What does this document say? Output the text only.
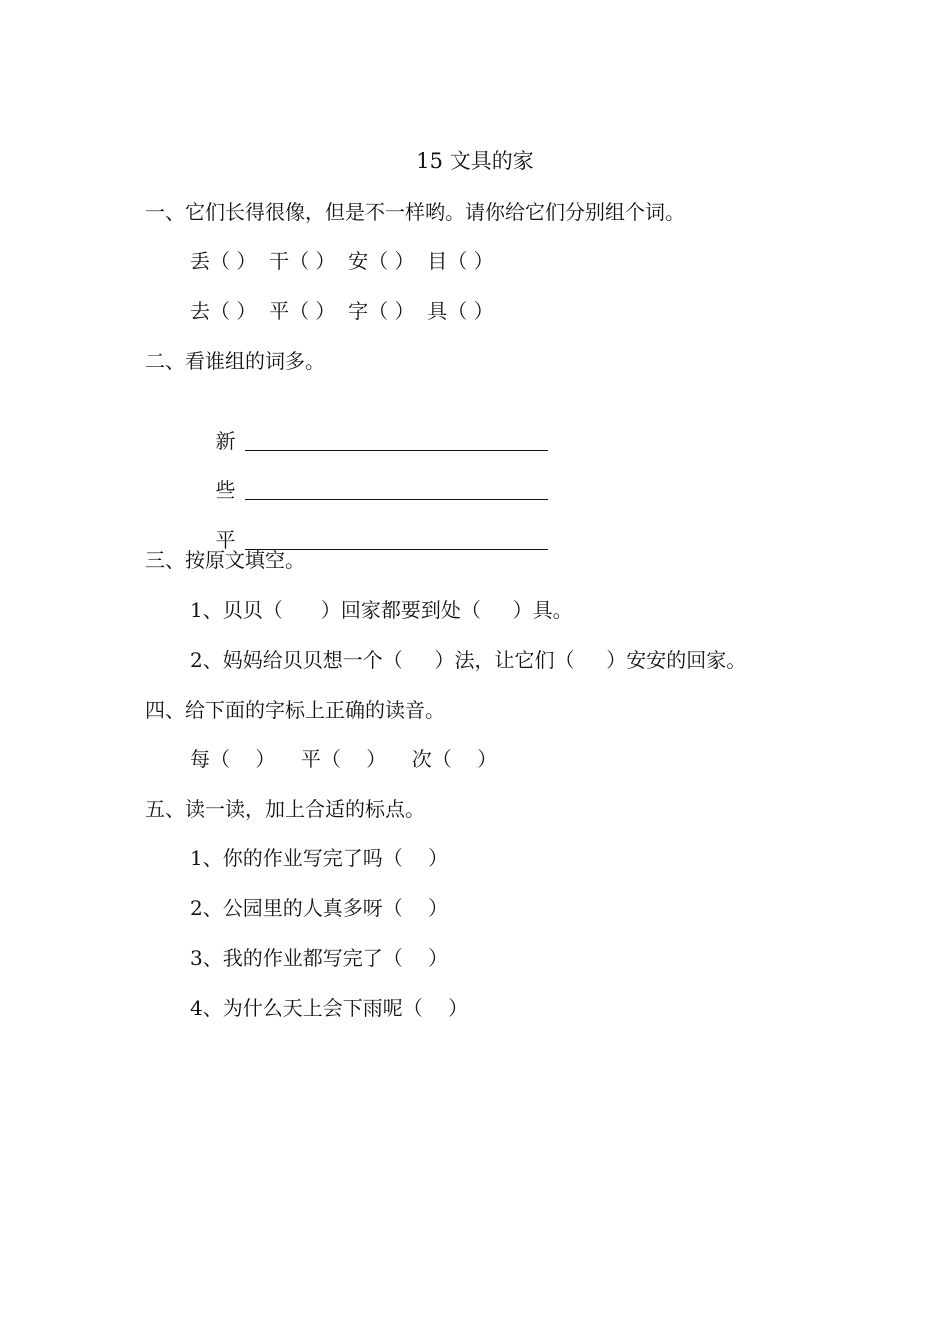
15 文具的家
一、它们长得很像，但是不一样哟。请你给它们分别组个词。
丢（ ）  干（ ）  安（ ）  目（ ）
去（ ）  平（ ）  字（ ）  具（ ）
二、看谁组的词多。

新

些

平

三、按原文填空。
1、贝贝（      ）回家都要到处（     ）具。
2、妈妈给贝贝想一个（     ）法，让它们（     ）安安的回家。
四、给下面的字标上正确的读音。
每（    ）    平（    ）    次（    ）
五、读一读，加上合适的标点。
1、你的作业写完了吗（    ）
2、公园里的人真多呀（    ）
3、我的作业都写完了（    ）
4、为什么天上会下雨呢（    ）
